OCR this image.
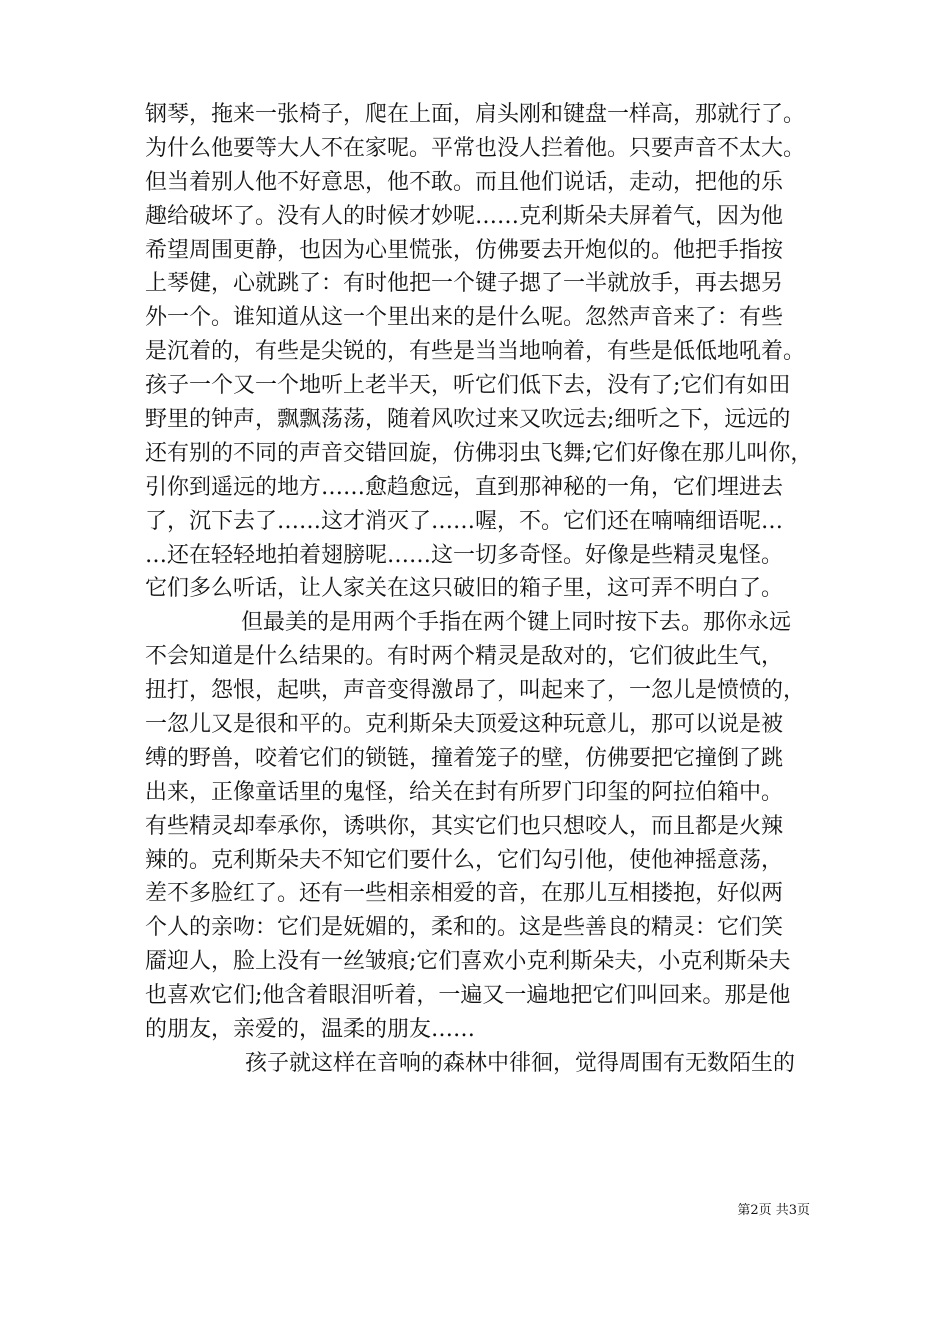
钢琴，拖来一张椅子，爬在上面，肩头刚和键盘一样高，那就行了。
为什么他要等大人不在家呢。平常也没人拦着他。只要声音不太大。
但当着别人他不好意思，他不敢。而且他们说话，走动，把他的乐
趣给破坏了。没有人的时候才妙呢……克利斯朵夫屏着气，因为他
希望周围更静，也因为心里慌张，仿佛要去开炮似的。他把手指按
上琴健，心就跳了：有时他把一个键子揌了一半就放手，再去揌另
外一个。谁知道从这一个里出来的是什么呢。忽然声音来了：有些
是沉着的，有些是尖锐的，有些是当当地响着，有些是低低地吼着。
孩子一个又一个地听上老半天，听它们低下去，没有了;它们有如田
野里的钟声，飘飘荡荡，随着风吹过来又吹远去;细听之下，远远的
还有别的不同的声音交错回旋，仿佛羽虫飞舞;它们好像在那儿叫你，
引你到遥远的地方……愈趋愈远，直到那神秘的一角，它们埋进去
了，沉下去了……这才消灭了……喔，不。它们还在喃喃细语呢…
…还在轻轻地拍着翅膀呢……这一切多奇怪。好像是些精灵鬼怪。
它们多么听话，让人家关在这只破旧的箱子里，这可弄不明白了。
但最美的是用两个手指在两个键上同时按下去。那你永远
不会知道是什么结果的。有时两个精灵是敌对的，它们彼此生气，
扭打，怨恨，起哄，声音变得激昂了，叫起来了，一忽儿是愤愤的，
一忽儿又是很和平的。克利斯朵夫顶爱这种玩意儿，那可以说是被
缚的野兽，咬着它们的锁链，撞着笼子的壁，仿佛要把它撞倒了跳
出来，正像童话里的鬼怪，给关在封有所罗门印玺的阿拉伯箱中。
有些精灵却奉承你，诱哄你，其实它们也只想咬人，而且都是火辣
辣的。克利斯朵夫不知它们要什么，它们勾引他，使他神摇意荡，
差不多脸红了。还有一些相亲相爱的音，在那儿互相搂抱，好似两
个人的亲吻：它们是妩媚的，柔和的。这是些善良的精灵：它们笑
靥迎人，脸上没有一丝皱痕;它们喜欢小克利斯朵夫，小克利斯朵夫
也喜欢它们;他含着眼泪听着，一遍又一遍地把它们叫回来。那是他
的朋友，亲爱的，温柔的朋友……
孩子就这样在音响的森林中徘徊，觉得周围有无数陌生的
第2页 共3页
